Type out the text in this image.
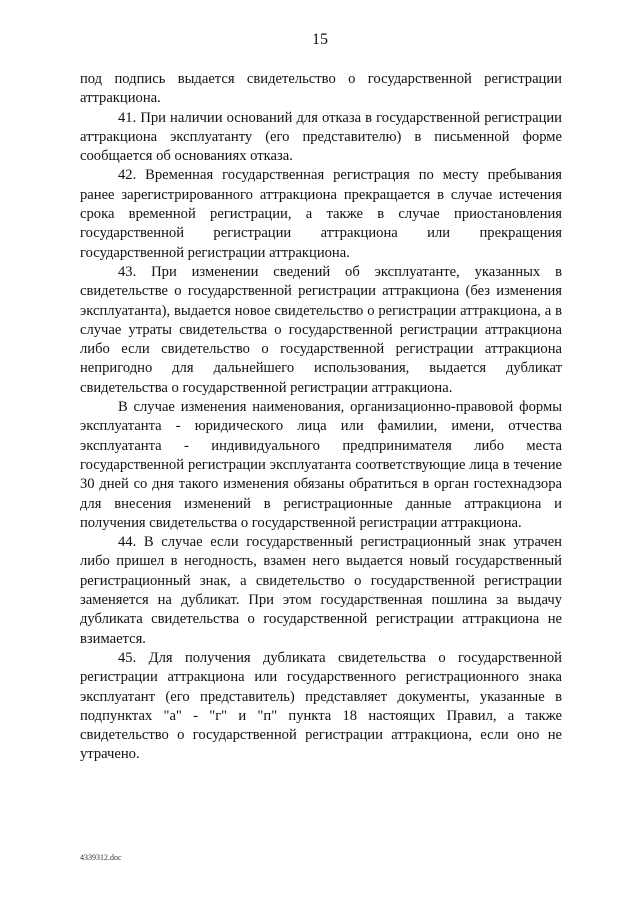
15

под подпись выдается свидетельство о государственной регистрации аттракциона.

41. При наличии оснований для отказа в государственной регистрации аттракциона эксплуатанту (его представителю) в письменной форме сообщается об основаниях отказа.

42. Временная государственная регистрация по месту пребывания ранее зарегистрированного аттракциона прекращается в случае истечения срока временной регистрации, а также в случае приостановления государственной регистрации аттракциона или прекращения государственной регистрации аттракциона.

43. При изменении сведений об эксплуатанте, указанных в свидетельстве о государственной регистрации аттракциона (без изменения эксплуатанта), выдается новое свидетельство о регистрации аттракциона, а в случае утраты свидетельства о государственной регистрации аттракциона либо если свидетельство о государственной регистрации аттракциона непригодно для дальнейшего использования, выдается дубликат свидетельства о государственной регистрации аттракциона.

В случае изменения наименования, организационно-правовой формы эксплуатанта - юридического лица или фамилии, имени, отчества эксплуатанта - индивидуального предпринимателя либо места государственной регистрации эксплуатанта соответствующие лица в течение 30 дней со дня такого изменения обязаны обратиться в орган гостехнадзора для внесения изменений в регистрационные данные аттракциона и получения свидетельства о государственной регистрации аттракциона.

44. В случае если государственный регистрационный знак утрачен либо пришел в негодность, взамен него выдается новый государственный регистрационный знак, а свидетельство о государственной регистрации заменяется на дубликат. При этом государственная пошлина за выдачу дубликата свидетельства о государственной регистрации аттракциона не взимается.

45. Для получения дубликата свидетельства о государственной регистрации аттракциона или государственного регистрационного знака эксплуатант (его представитель) представляет документы, указанные в подпунктах "а" - "г" и "п" пункта 18 настоящих Правил, а также свидетельство о государственной регистрации аттракциона, если оно не утрачено.

4339312.doc
